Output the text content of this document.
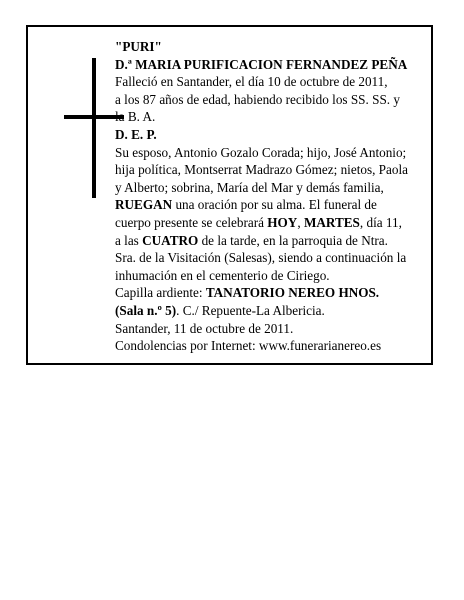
"PURI"
D.ª MARIA PURIFICACION FERNANDEZ PEÑA
Falleció en Santander, el día 10 de octubre de 2011,
a los 87 años de edad, habiendo recibido los SS. SS. y
la B. A.
D. E. P.
Su esposo, Antonio Gozalo Corada; hijo, José Antonio;
hija política, Montserrat Madrazo Gómez; nietos, Paola
y Alberto; sobrina, María del Mar y demás familia,
RUEGAN una oración por su alma. El funeral de
cuerpo presente se celebrará HOY, MARTES, día 11,
a las CUATRO de la tarde, en la parroquia de Ntra.
Sra. de la Visitación (Salesas), siendo a continuación la
inhumación en el cementerio de Ciriego.
Capilla ardiente: TANATORIO NEREO HNOS.
(Sala n.º 5). C./ Repuente-La Albericia.
Santander, 11 de octubre de 2011.
Condolencias por Internet: www.funerarianereo.es
